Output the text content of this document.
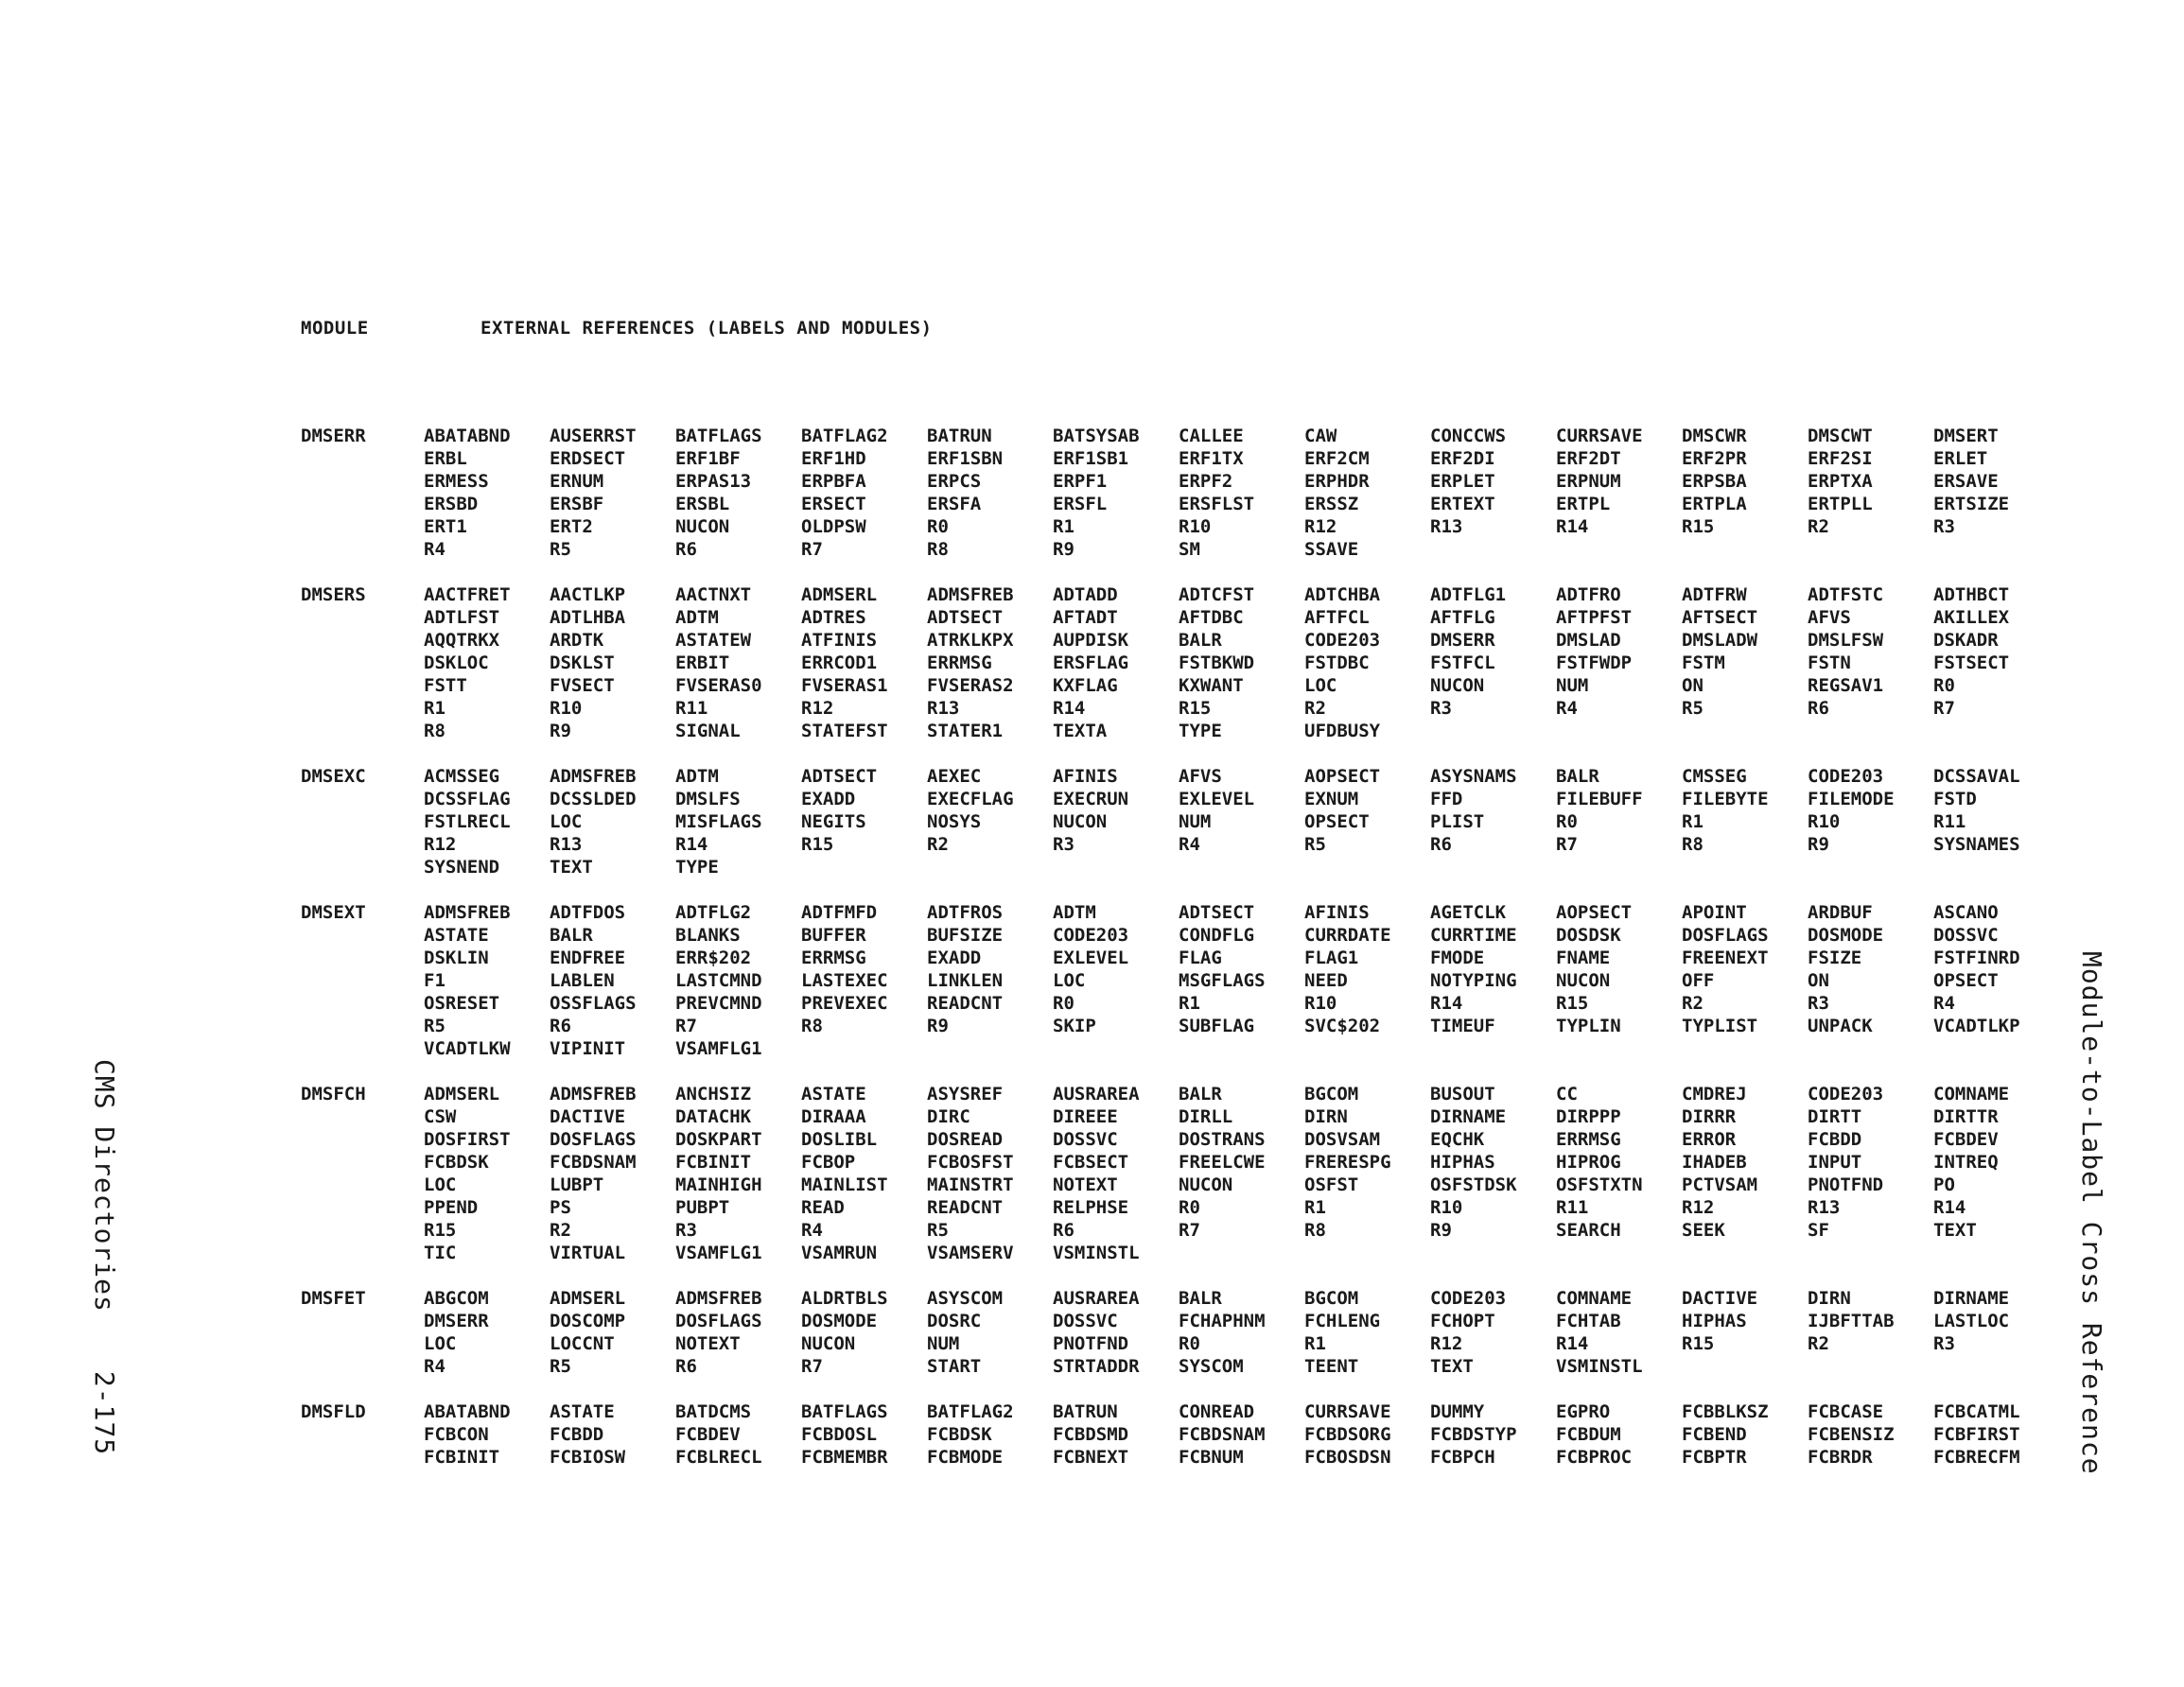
MODULE	EXTERNAL REFERENCES (LABELS AND MODULES)
DMSERR	ABATABND	AUSERRST	BATFLAGS	BATFLAG2	BATRUN	BATSYSAB	CALLEE	CAW	CONCCWS	CURRSAVE	DMSCWR	DMSCWT	DMSERT
ERBL	ERDSECT	ERF1BF	ERF1HD	ERF1SBN	ERF1SB1	ERF1TX	ERF2CM	ERF2DI	ERF2DT	ERF2PR	ERF2SI	ERLET
ERMESS	ERNUM	ERPAS13	ERPBFA	ERPCS	ERPF1	ERPF2	ERPHDR	ERPLET	ERPNUM	ERPSBA	ERPTXA	ERSAVE
ERSBD	ERSBF	ERSBL	ERSECT	ERSFA	ERSFL	ERSFLST	ERSSZ	ERTEXT	ERTPL	ERTPLA	ERTPLL	ERTSIZE
ERT1	ERT2	NUCON	OLDPSW	R0	R1	R10	R12	R13	R14	R15	R2	R3
R4	R5	R6	R7	R8	R9	SM	SSAVE
DMSERS	AACTFRET	AACTLKP	AACTNXT	ADMSERL	ADMSFREB	ADTADD	ADTCFST	ADTCHBA	ADTFLG1	ADTFRO	ADTFRW	ADTFSTC	ADTHBCT
ADTLFST	ADTLHBA	ADTM	ADTRES	ADTSECT	AFTADT	AFTDBC	AFTFCL	AFTFLG	AFTPFST	AFTSECT	AFVS	AKILLEX
AQQTRKX	ARDTK	ASTATEW	ATFINIS	ATRKLKPX	AUPDISK	BALR	CODE203	DMSERR	DMSLAD	DMSLADW	DMSLFSW	DSKADR
DSKLOC	DSKLST	ERBIT	ERRCOD1	ERRMSG	ERSFLAG	FSTBKWD	FSTDBC	FSTFCL	FSTFWDP	FSTM	FSTN	FSTSECT
FSTT	FVSECT	FVSERAS0	FVSERAS1	FVSERAS2	KXFLAG	KXWANT	LOC	NUCON	NUM	ON	REGSAV1	R0
R1	R10	R11	R12	R13	R14	R15	R2	R3	R4	R5	R6	R7
R8	R9	SIGNAL	STATEFST	STATER1	TEXTA	TYPE	UFDBUSY
DMSEXC	ACMSSEG	ADMSFREB	ADTM	ADTSECT	AEXEC	AFINIS	AFVS	AOPSECT	ASYSNAMS	BALR	CMSSEG	CODE203	DCSSAVAL
DCSSFLAG	DCSSLDED	DMSLFS	EXADD	EXECFLAG	EXECRUN	EXLEVEL	EXNUM	FFD	FILEBUFF	FILEBYTE	FILEMODE	FSTD
FSTLRECL	LOC	MISFLAGS	NEGITS	NOSYS	NUCON	NUM	OPSECT	PLIST	R0	R1	R10	R11
R12	R13	R14	R15	R2	R3	R4	R5	R6	R7	R8	R9	SYSNAMES
SYSNEND	TEXT	TYPE
DMSEXT	ADMSFREB	ADTFDOS	ADTFLG2	ADTFMFD	ADTFROS	ADTM	ADTSECT	AFINIS	AGETCLK	AOPSECT	APOINT	ARDBUF	ASCANO
ASTATE	BALR	BLANKS	BUFFER	BUFSIZE	CODE203	CONDFLG	CURRDATE	CURRTIME	DOSDSK	DOSFLAGS	DOSMODE	DOSSVC
DSKLIN	ENDFREE	ERR$202	ERRMSG	EXADD	EXLEVEL	FLAG	FLAG1	FMODE	FNAME	FREENEXT	FSIZE	FSTFINRD
F1	LABLEN	LASTCMND	LASTEXEC	LINKLEN	LOC	MSGFLAGS	NEED	NOTYPING	NUCON	OFF	ON	OPSECT
OSRESET	OSSFLAGS	PREVCMND	PREVEXEC	READCNT	R0	R1	R10	R14	R15	R2	R3	R4
R5	R6	R7	R8	R9	SKIP	SUBFLAG	SVC$202	TIMEUF	TYPLIN	TYPLIST	UNPACK	VCADTLKP
VCADTLKW	VIPINIT	VSAMFLG1
DMSFCH	ADMSERL	ADMSFREB	ANCHSIZ	ASTATE	ASYSREF	AUSRAREA	BALR	BGCOM	BUSOUT	CC	CMDREJ	CODE203	COMNAME
CSW	DACTIVE	DATACHK	DIRAAA	DIRC	DIREEE	DIRLL	DIRN	DIRNAME	DIRPPP	DIRRR	DIRTT	DIRTTR
DOSFIRST	DOSFLAGS	DOSKPART	DOSLIBL	DOSREAD	DOSSVC	DOSTRANS	DOSVSAM	EQCHK	ERRMSG	ERROR	FCBDD	FCBDEV
FCBDSK	FCBDSNAM	FCBINIT	FCBOP	FCBOSFST	FCBSECT	FREELCWE	FRERESPG	HIPHAS	HIPROG	IHADEB	INPUT	INTREQ
LOC	LUBPT	MAINHIGH	MAINLIST	MAINSTRT	NOTEXT	NUCON	OSFST	OSFSTDSK	OSFSTXTN	PCTVSAM	PNOTFND	PO
PPEND	PS	PUBPT	READ	READCNT	RELPHSE	R0	R1	R10	R11	R12	R13	R14
R15	R2	R3	R4	R5	R6	R7	R8	R9	SEARCH	SEEK	SF	TEXT
TIC	VIRTUAL	VSAMFLG1	VSAMRUN	VSAMSERV	VSMINSTL
DMSFET	ABGCOM	ADMSERL	ADMSFREB	ALDRTBLS	ASYSCOM	AUSRAREA	BALR	BGCOM	CODE203	COMNAME	DACTIVE	DIRN	DIRNAME
DMSERR	DOSCOMP	DOSFLAGS	DOSMODE	DOSRC	DOSSVC	FCHAPHNM	FCHLENG	FCHOPT	FCHTAB	HIPHAS	IJBFTTAB	LASTLOC
LOC	LOCCNT	NOTEXT	NUCON	NUM	PNOTFND	R0	R1	R12	R14	R15	R2	R3
R4	R5	R6	R7	START	STRTADDR	SYSCOM	TEENT	TEXT	VSMINSTL
DMSFLD	ABATABND	ASTATE	BATDCMS	BATFLAGS	BATFLAG2	BATRUN	CONREAD	CURRSAVE	DUMMY	EGPRO	FCBBLKSZ	FCBCASE	FCBCATML
FCBCON	FCBDD	FCBDEV	FCBDOSL	FCBDSK	FCBDSMD	FCBDSNAM	FCBDSORG	FCBDSTYP	FCBDUM	FCBEND	FCBENSIZ	FCBFIRST
FCBINIT	FCBIOSW	FCBLRECL	FCBMEMBR	FCBMODE	FCBNEXT	FCBNUM	FCBOSDSN	FCBPCH	FCBPROC	FCBPTR	FCBRDR	FCBRECFM
CMS Directories2-175	Module-to-Label Cross Reference
